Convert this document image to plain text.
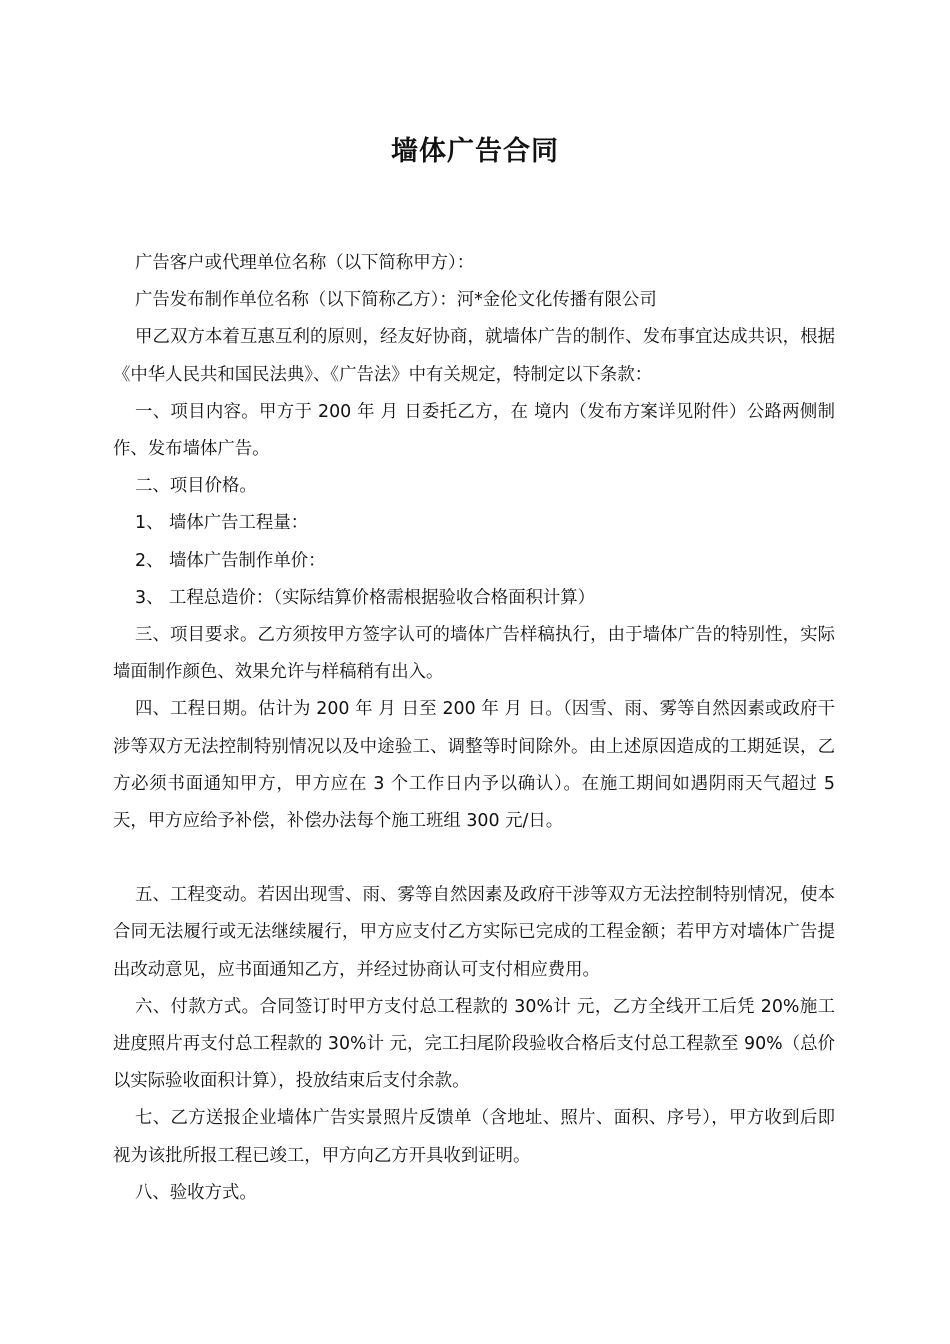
墙体广告合同

广告客户或代理单位名称（以下简称甲方）：

广告发布制作单位名称（以下简称乙方）：河*金伦文化传播有限公司

甲乙双方本着互惠互利的原则，经友好协商，就墙体广告的制作、发布事宜达成共识，根据《中华人民共和国民法典》、《广告法》中有关规定，特制定以下条款：

一、项目内容。甲方于 200 年 月 日委托乙方，在 境内（发布方案详见附件）公路两侧制作、发布墙体广告。

二、项目价格。

1、 墙体广告工程量：

2、 墙体广告制作单价：

3、 工程总造价：（实际结算价格需根据验收合格面积计算）

三、项目要求。乙方须按甲方签字认可的墙体广告样稿执行，由于墙体广告的特别性，实际墙面制作颜色、效果允许与样稿稍有出入。

四、工程日期。估计为 200 年 月 日至 200 年 月 日。（因雪、雨、雾等自然因素或政府干涉等双方无法控制特别情况以及中途验工、调整等时间除外。由上述原因造成的工期延误，乙方必须书面通知甲方，甲方应在 3 个工作日内予以确认）。在施工期间如遇阴雨天气超过 5 天，甲方应给予补偿，补偿办法每个施工班组 300 元/日。

五、工程变动。若因出现雪、雨、雾等自然因素及政府干涉等双方无法控制特别情况，使本合同无法履行或无法继续履行，甲方应支付乙方实际已完成的工程金额；若甲方对墙体广告提出改动意见，应书面通知乙方，并经过协商认可支付相应费用。

六、付款方式。合同签订时甲方支付总工程款的 30%计 元，乙方全线开工后凭 20%施工进度照片再支付总工程款的 30%计 元，完工扫尾阶段验收合格后支付总工程款至 90%（总价以实际验收面积计算），投放结束后支付余款。

七、乙方送报企业墙体广告实景照片反馈单（含地址、照片、面积、序号），甲方收到后即视为该批所报工程已竣工，甲方向乙方开具收到证明。

八、验收方式。
